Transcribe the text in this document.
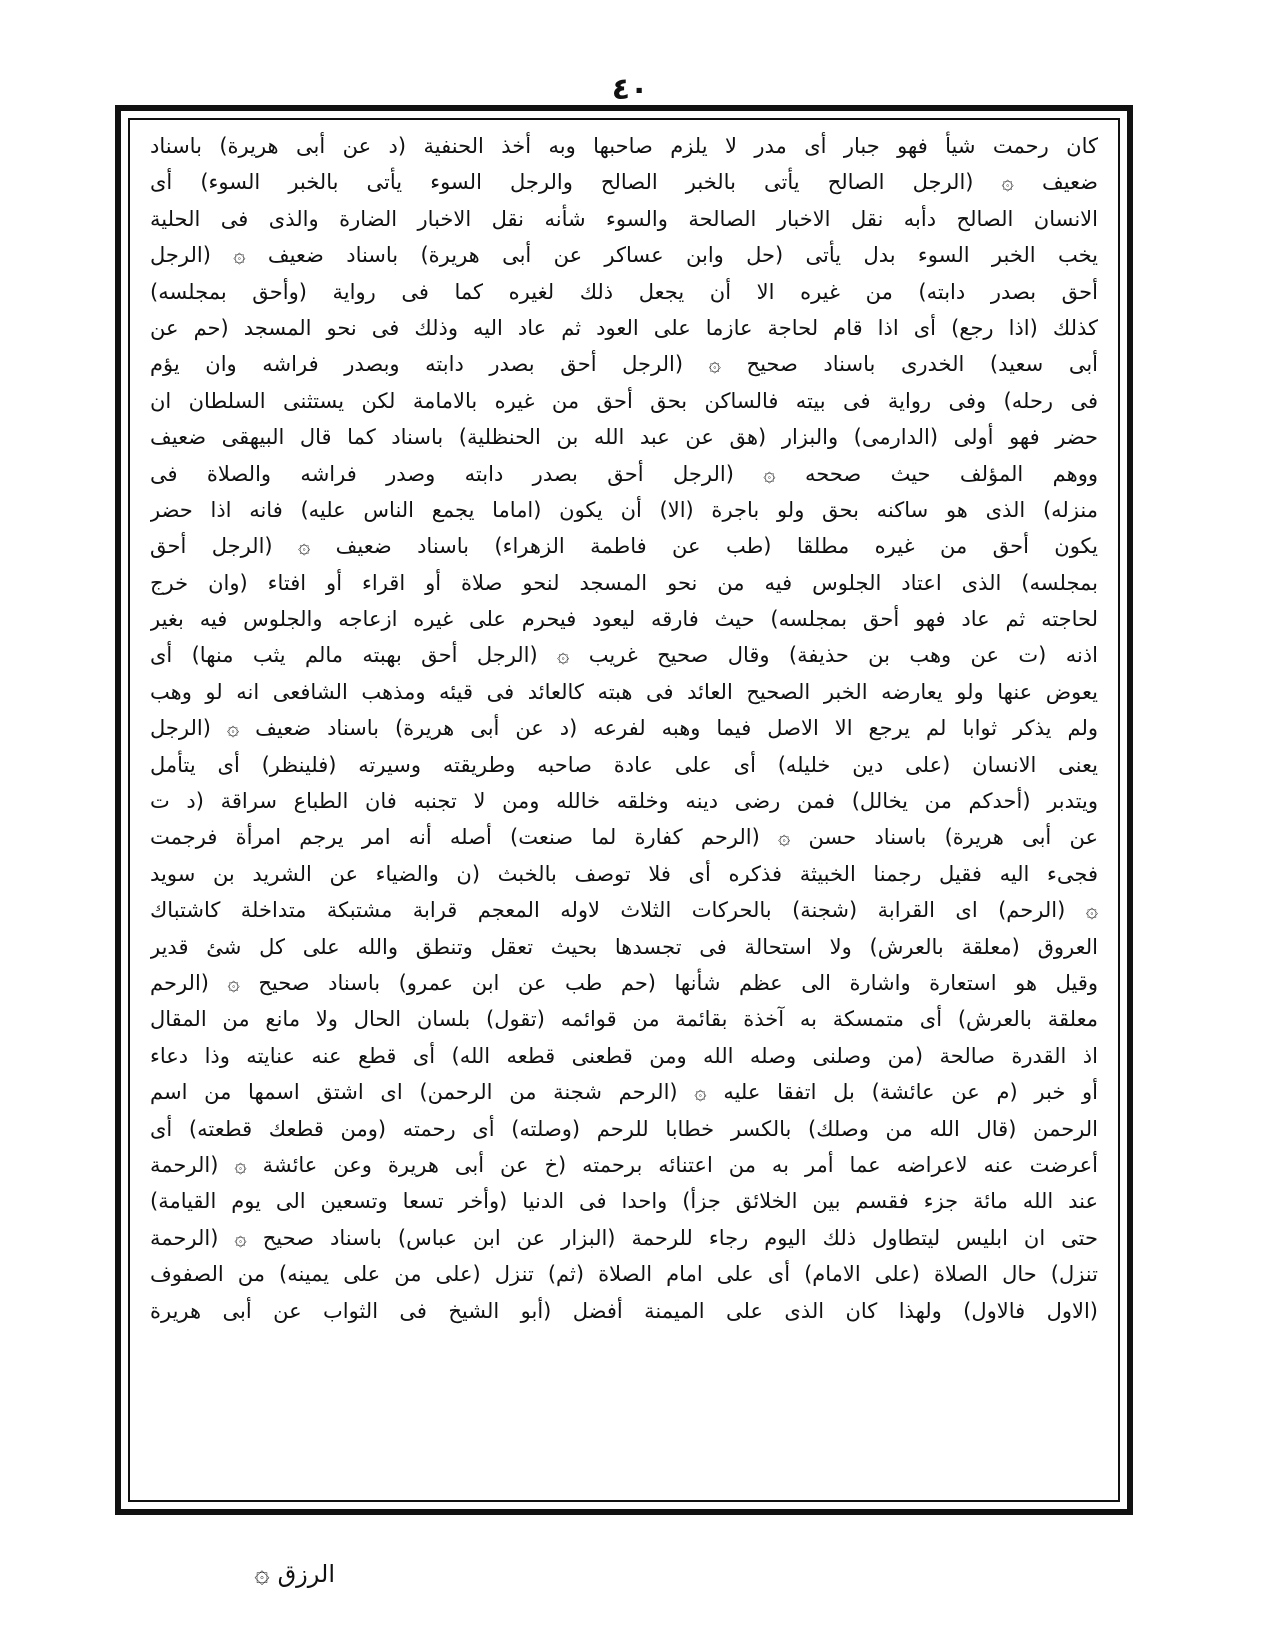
٤٠
كان رحمت شيأ فهو جبار أى مدر لا يلزم صاحبها وبه أخذ الحنفية (د عن أبى هريرة) باسناد
ضعيف ۞ (الرجل الصالح يأتى بالخبر الصالح والرجل السوء يأتى بالخبر السوء) أى
الانسان الصالح دأبه نقل الاخبار الصالحة والسوء شأنه نقل الاخبار الضارة والذى فى الحلية
يخب الخبر السوء بدل يأتى (حل وابن عساكر عن أبى هريرة) باسناد ضعيف ۞ (الرجل
أحق بصدر دابته) من غيره الا أن يجعل ذلك لغيره كما فى رواية (وأحق بمجلسه)
كذلك (اذا رجع) أى اذا قام لحاجة عازما على العود ثم عاد اليه وذلك فى نحو المسجد (حم عن
أبى سعيد) الخدرى باسناد صحيح ۞ (الرجل أحق بصدر دابته وبصدر فراشه وان يؤم
فى رحله) وفى رواية فى بيته فالساكن بحق أحق من غيره بالامامة لكن يستثنى السلطان ان
حضر فهو أولى (الدارمى) والبزار (هق عن عبد الله بن الحنظلية) باسناد كما قال البيهقى ضعيف
ووهم المؤلف حيث صححه ۞ (الرجل أحق بصدر دابته وصدر فراشه والصلاة فى
منزله) الذى هو ساكنه بحق ولو باجرة (الا) أن يكون (اماما يجمع الناس عليه) فانه اذا حضر
يكون أحق من غيره مطلقا (طب عن فاطمة الزهراء) باسناد ضعيف ۞ (الرجل أحق
بمجلسه) الذى اعتاد الجلوس فيه من نحو المسجد لنحو صلاة أو اقراء أو افتاء (وان خرج
لحاجته ثم عاد فهو أحق بمجلسه) حيث فارقه ليعود فيحرم على غيره ازعاجه والجلوس فيه بغير
اذنه (ت عن وهب بن حذيفة) وقال صحيح غريب ۞ (الرجل أحق بهبته مالم يثب منها) أى
يعوض عنها ولو يعارضه الخبر الصحيح العائد فى هبته كالعائد فى قيئه ومذهب الشافعى انه لو وهب
ولم يذكر ثوابا لم يرجع الا الاصل فيما وهبه لفرعه (د عن أبى هريرة) باسناد ضعيف ۞ (الرجل
يعنى الانسان (على دين خليله) أى على عادة صاحبه وطريقته وسيرته (فلينظر) أى يتأمل
ويتدبر (أحدكم من يخالل) فمن رضى دينه وخلقه خالله ومن لا تجنبه فان الطباع سراقة (د ت
عن أبى هريرة) باسناد حسن ۞ (الرحم كفارة لما صنعت) أصله أنه امر يرجم امرأة فرجمت
فجىء اليه فقيل رجمنا الخبيثة فذكره أى فلا توصف بالخبث (ن والضياء عن الشريد بن سويد
۞ (الرحم) اى القرابة (شجنة) بالحركات الثلاث لاوله المعجم قرابة مشتبكة متداخلة كاشتباك
العروق (معلقة بالعرش) ولا استحالة فى تجسدها بحيث تعقل وتنطق والله على كل شئ قدير
وقيل هو استعارة واشارة الى عظم شأنها (حم طب عن ابن عمرو) باسناد صحيح ۞ (الرحم
معلقة بالعرش) أى متمسكة به آخذة بقائمة من قوائمه (تقول) بلسان الحال ولا مانع من المقال
اذ القدرة صالحة (من وصلنى وصله الله ومن قطعنى قطعه الله) أى قطع عنه عنايته وذا دعاء
أو خبر (م عن عائشة) بل اتفقا عليه ۞ (الرحم شجنة من الرحمن) اى اشتق اسمها من اسم
الرحمن (قال الله من وصلك) بالكسر خطابا للرحم (وصلته) أى رحمته (ومن قطعك قطعته) أى
أعرضت عنه لاعراضه عما أمر به من اعتنائه برحمته (خ عن أبى هريرة وعن عائشة ۞ (الرحمة
عند الله مائة جزء فقسم بين الخلائق جزأ) واحدا فى الدنيا (وأخر تسعا وتسعين الى يوم القيامة)
حتى ان ابليس ليتطاول ذلك اليوم رجاء للرحمة (البزار عن ابن عباس) باسناد صحيح ۞ (الرحمة
تنزل) حال الصلاة (على الامام) أى على امام الصلاة (ثم) تنزل (على من على يمينه) من الصفوف
(الاول فالاول) ولهذا كان الذى على الميمنة أفضل (أبو الشيخ فى الثواب عن أبى هريرة
الرزق
۞
